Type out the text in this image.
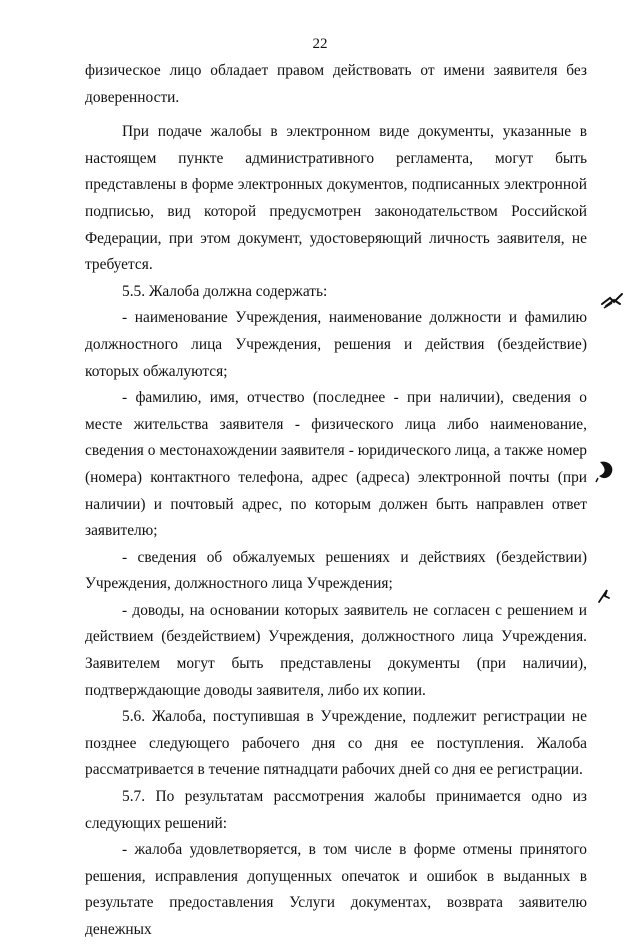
22

физическое лицо обладает правом действовать от имени заявителя без доверенности.

При подаче жалобы в электронном виде документы, указанные в настоящем пункте административного регламента, могут быть представлены в форме электронных документов, подписанных электронной подписью, вид которой предусмотрен законодательством Российской Федерации, при этом документ, удостоверяющий личность заявителя, не требуется.

5.5. Жалоба должна содержать:

- наименование Учреждения, наименование должности и фамилию должностного лица Учреждения, решения и действия (бездействие) которых обжалуются;

- фамилию, имя, отчество (последнее - при наличии), сведения о месте жительства заявителя - физического лица либо наименование, сведения о местонахождении заявителя - юридического лица, а также номер (номера) контактного телефона, адрес (адреса) электронной почты (при наличии) и почтовый адрес, по которым должен быть направлен ответ заявителю;

- сведения об обжалуемых решениях и действиях (бездействии) Учреждения, должностного лица Учреждения;

- доводы, на основании которых заявитель не согласен с решением и действием (бездействием) Учреждения, должностного лица Учреждения. Заявителем могут быть представлены документы (при наличии), подтверждающие доводы заявителя, либо их копии.

5.6. Жалоба, поступившая в Учреждение, подлежит регистрации не позднее следующего рабочего дня со дня ее поступления. Жалоба рассматривается в течение пятнадцати рабочих дней со дня ее регистрации.

5.7. По результатам рассмотрения жалобы принимается одно из следующих решений:

- жалоба удовлетворяется, в том числе в форме отмены принятого решения, исправления допущенных опечаток и ошибок в выданных в результате предоставления Услуги документах, возврата заявителю денежных
